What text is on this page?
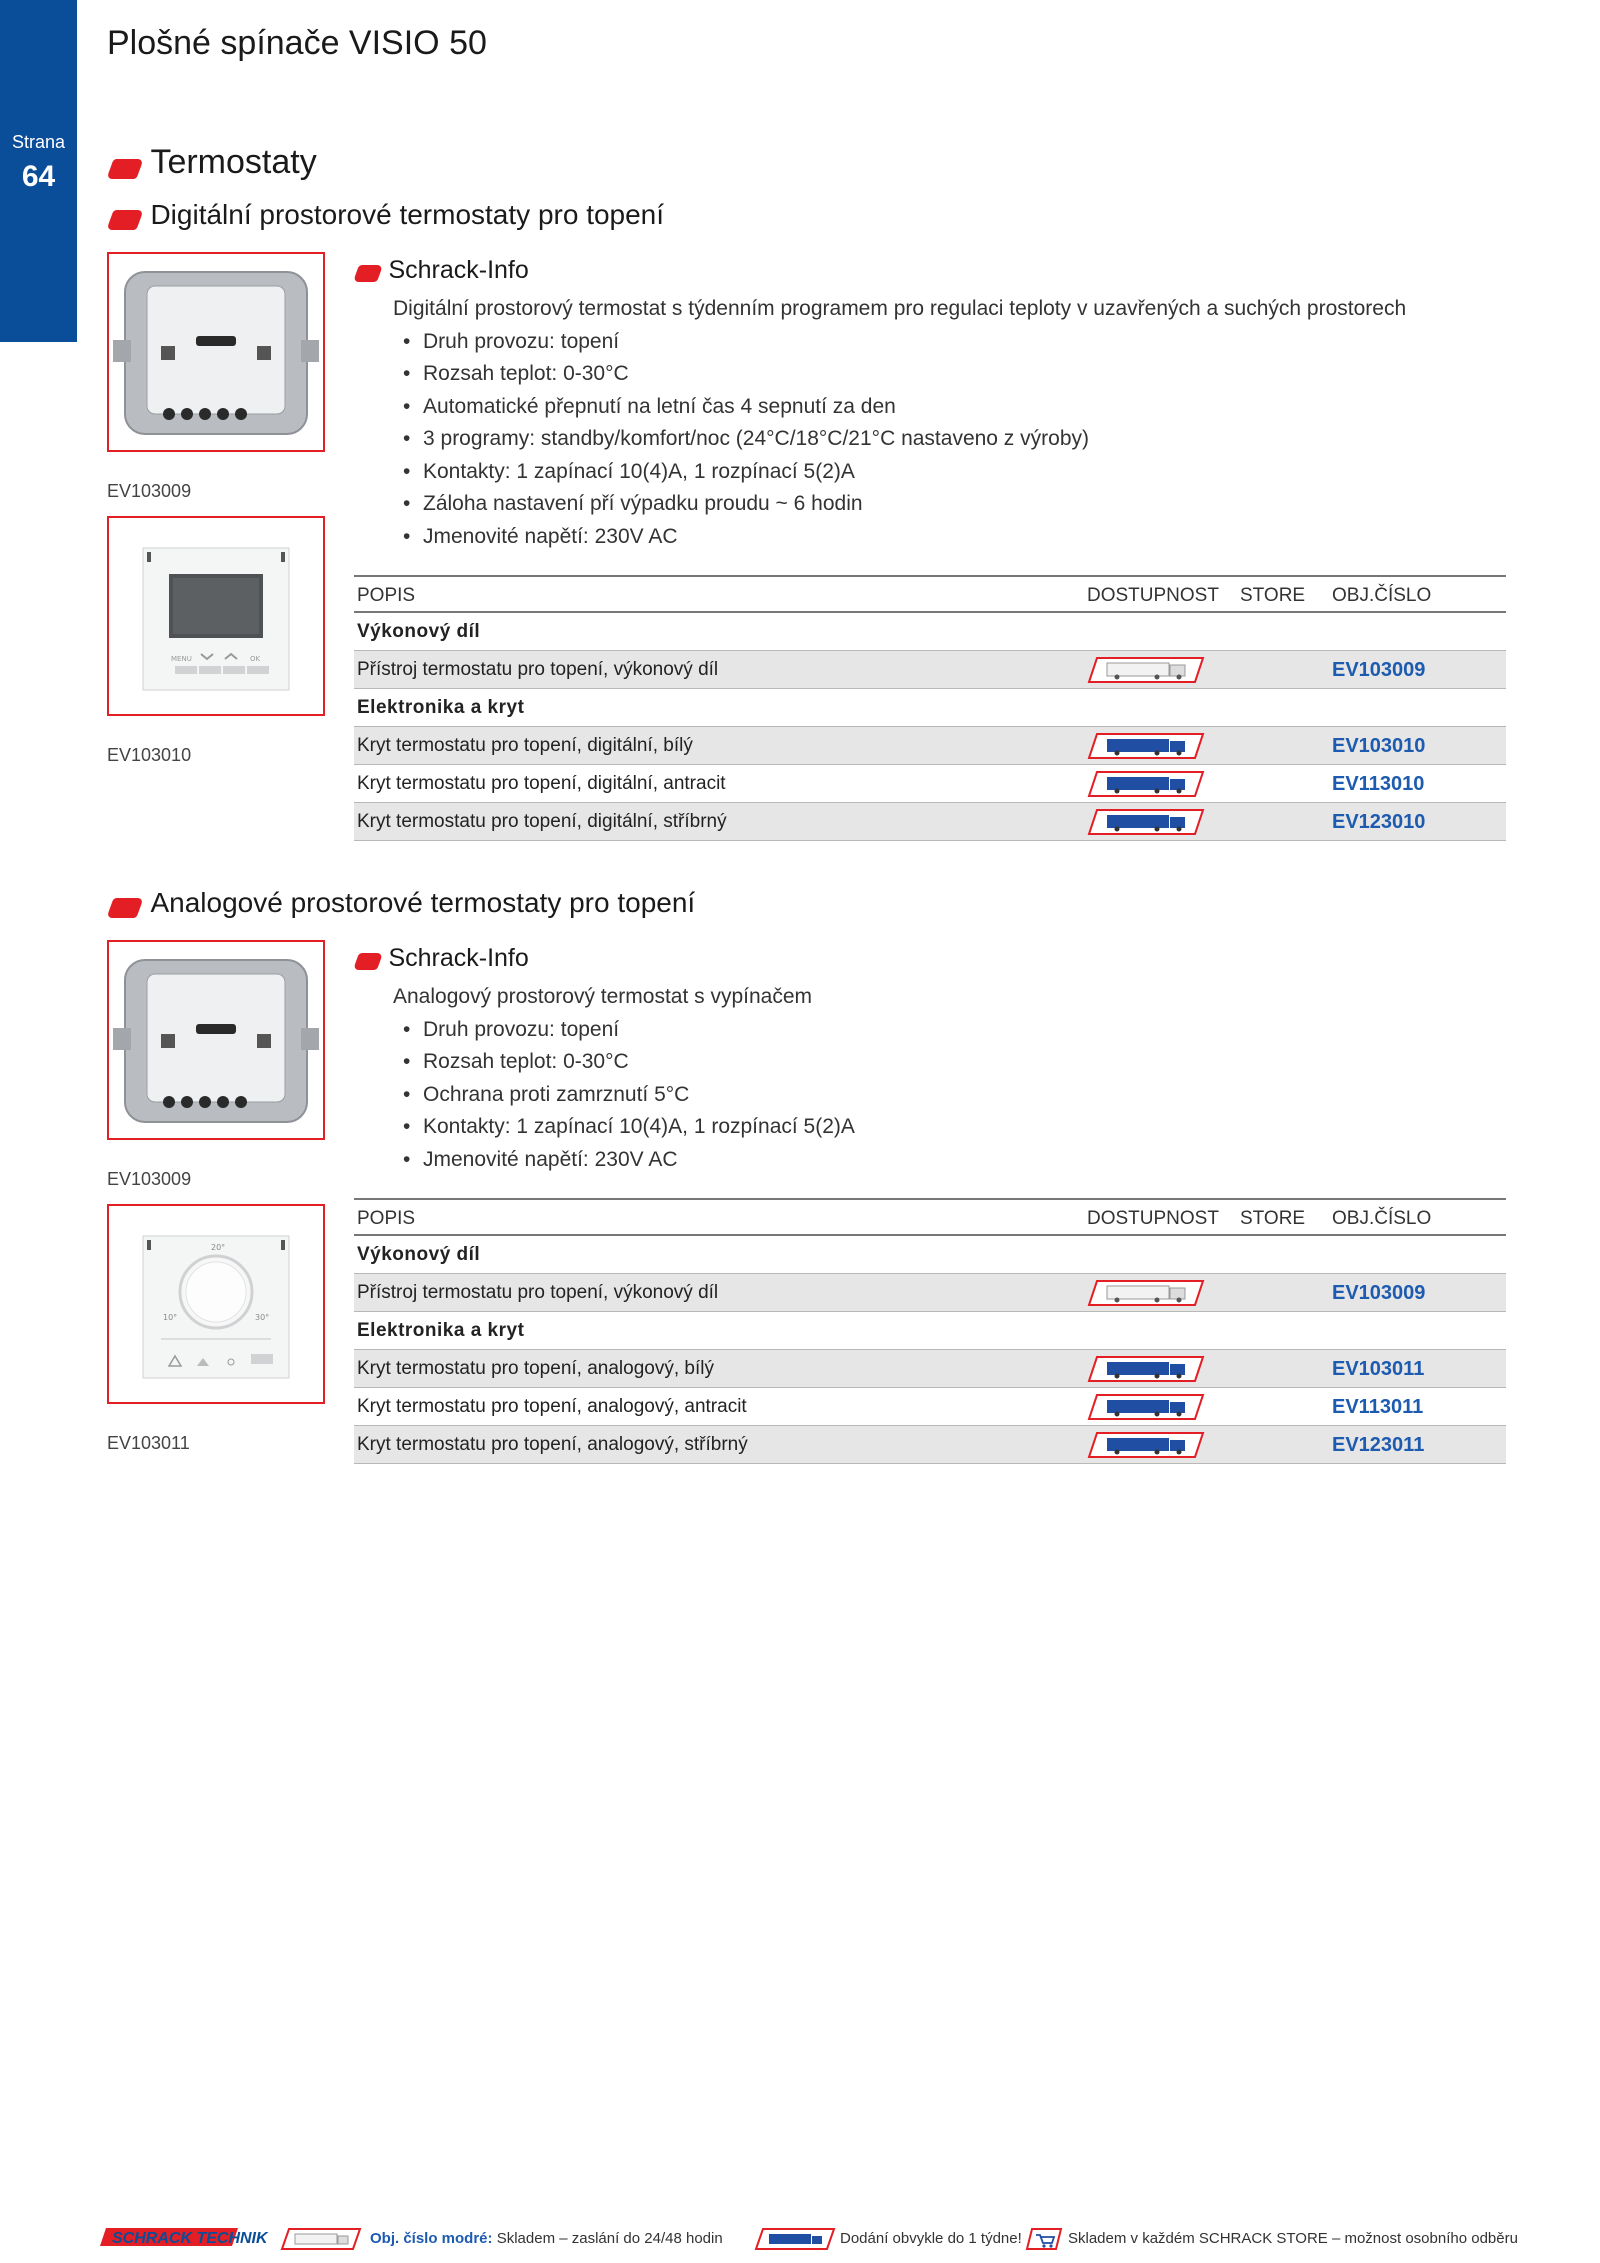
Plošné spínače VISIO 50
Strana
64	Termostaty
Digitální prostorové termostaty pro topení
EV103009
MENU	OK
EV103010
Schrack-Info
Digitální prostorový termostat s týdenním programem pro regulaci teploty v uzavřených a suchých prostorech
• Druh provozu: topení
• Rozsah teplot: 0-30°C
• Automatické přepnutí na letní čas 4 sepnutí za den
• 3 programy: standby/komfort/noc (24°C/18°C/21°C nastaveno z výroby)
• Kontakty: 1 zapínací 10(4)A, 1 rozpínací 5(2)A
• Záloha nastavení pří výpadku proudu ~ 6 hodin
• Jmenovité napětí: 230V AC
POPIS	DOSTUPNOST STORE OBJ.ČÍSLO
Výkonový díl
Přístroj termostatu pro topení, výkonový díl	EV103009
Elektronika a kryt
Kryt termostatu pro topení, digitální, bílý	EV103010
Kryt termostatu pro topení, digitální, antracit	EV113010
Kryt termostatu pro topení, digitální, stříbrný	EV123010
Analogové prostorové termostaty pro topení
EV103009
20°
10°	30°
EV103011
Schrack-Info
Analogový prostorový termostat s vypínačem
• Druh provozu: topení
• Rozsah teplot: 0-30°C
• Ochrana proti zamrznutí 5°C
• Kontakty: 1 zapínací 10(4)A, 1 rozpínací 5(2)A
• Jmenovité napětí: 230V AC
POPIS	DOSTUPNOST STORE OBJ.ČÍSLO
Výkonový díl
Přístroj termostatu pro topení, výkonový díl	EV103009
Elektronika a kryt
Kryt termostatu pro topení, analogový, bílý	EV103011
Kryt termostatu pro topení, analogový, antracit	EV113011
Kryt termostatu pro topení, analogový, stříbrný	EV123011
SCHRACK TECHNIK	Obj. číslo modré: Skladem – zaslání do 24/48 hodin	Dodání obvykle do 1 týdne!	Skladem v každém SCHRACK STORE – možnost osobního odběru
